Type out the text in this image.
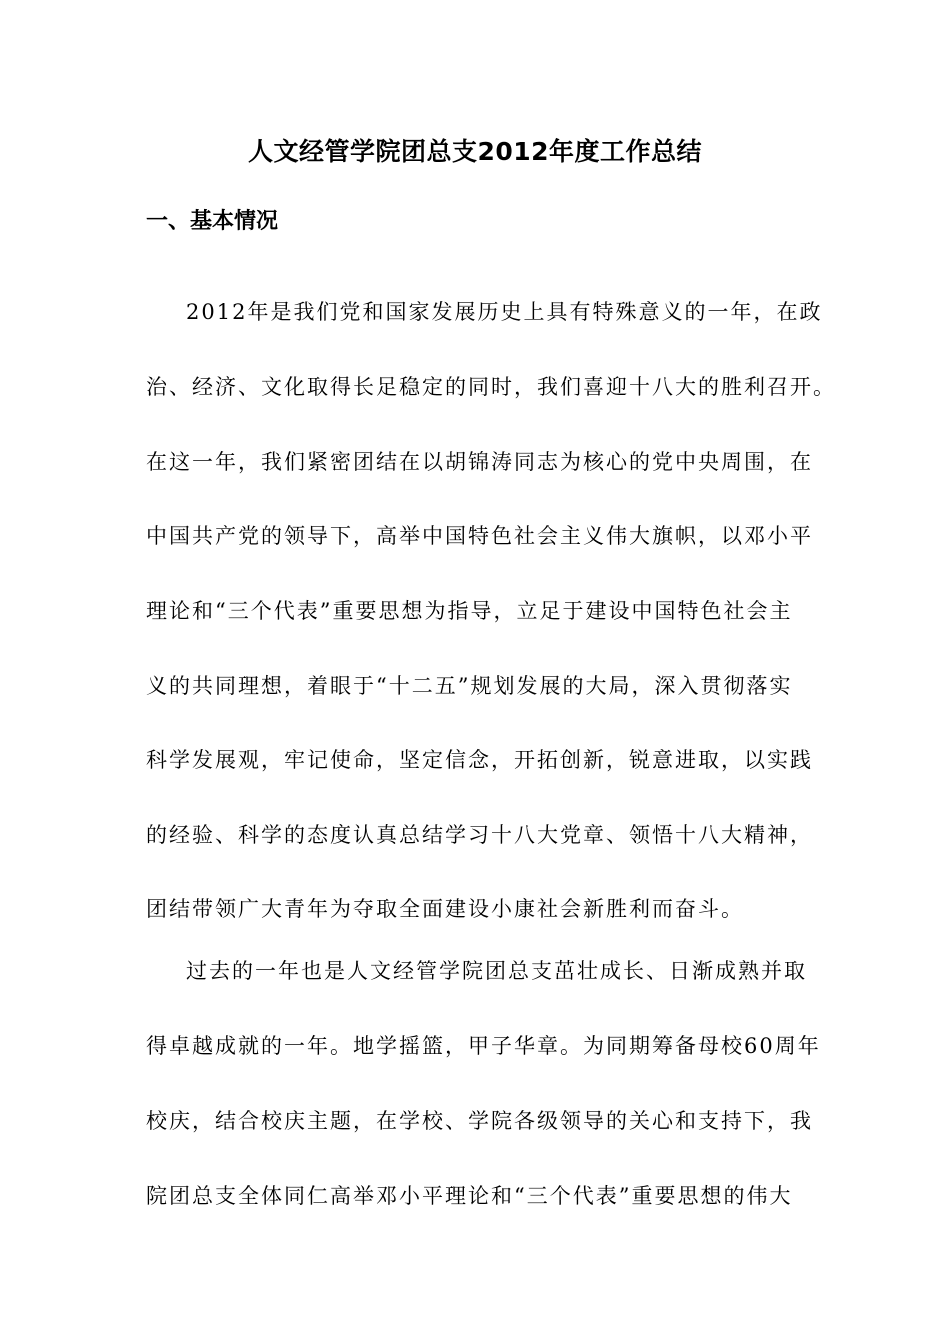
人文经管学院团总支2012年度工作总结
一、基本情况

2012年是我们党和国家发展历史上具有特殊意义的一年，在政

治、经济、文化取得长足稳定的同时，我们喜迎十八大的胜利召开。

在这一年，我们紧密团结在以胡锦涛同志为核心的党中央周围，在

中国共产党的领导下，高举中国特色社会主义伟大旗帜，以邓小平

理论和“三个代表”重要思想为指导，立足于建设中国特色社会主

义的共同理想，着眼于“十二五”规划发展的大局，深入贯彻落实

科学发展观，牢记使命，坚定信念，开拓创新，锐意进取，以实践

的经验、科学的态度认真总结学习十八大党章、领悟十八大精神，

团结带领广大青年为夺取全面建设小康社会新胜利而奋斗。

过去的一年也是人文经管学院团总支茁壮成长、日渐成熟并取

得卓越成就的一年。地学摇篮，甲子华章。为同期筹备母校60周年

校庆，结合校庆主题，在学校、学院各级领导的关心和支持下，我

院团总支全体同仁高举邓小平理论和“三个代表”重要思想的伟大
